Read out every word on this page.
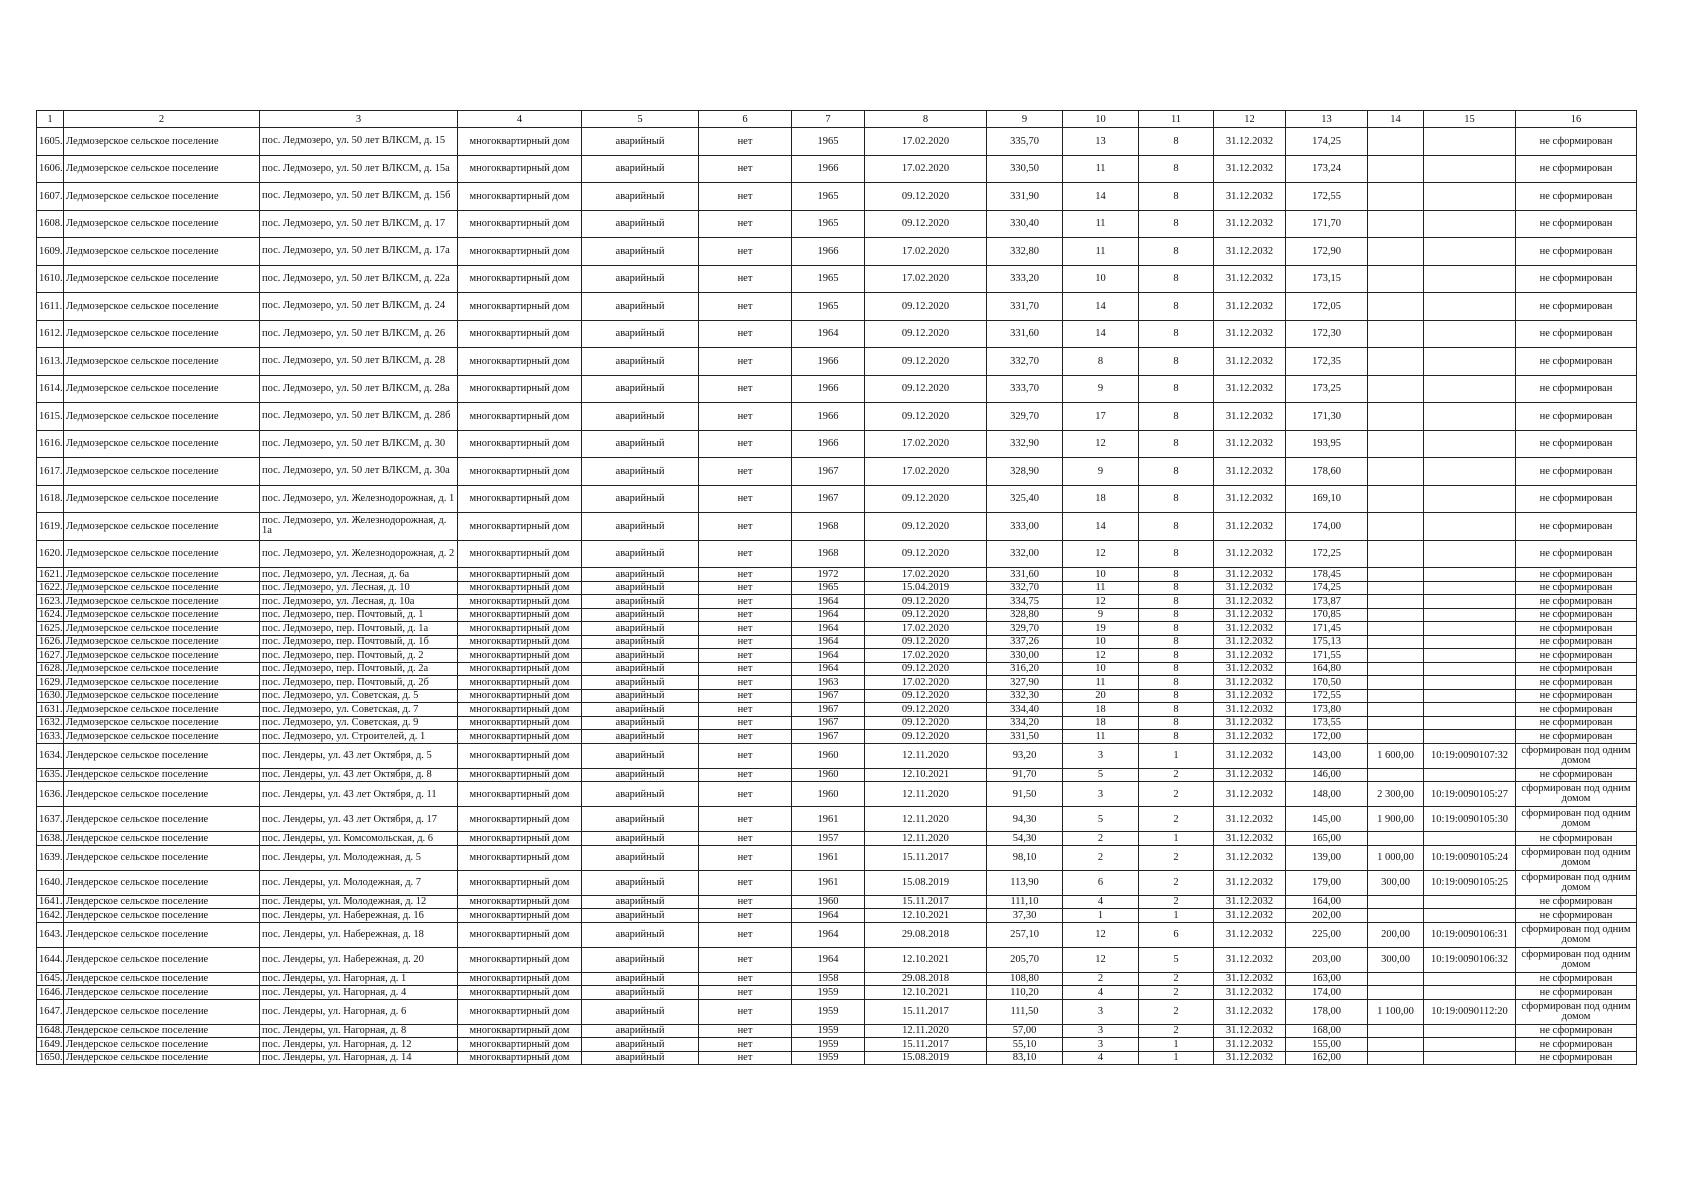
1	2	3	4	5	6	7	8	9	10	11	12	13	14	15	16
1605.	Ледмозерское сельское поселение	пос. Ледмозеро, ул. 50 лет ВЛКСМ, д. 15	многоквартирный дом	аварийный	нет	1965	17.02.2020	335,70	13	8	31.12.2032	174,25			не сформирован
1606.	Ледмозерское сельское поселение	пос. Ледмозеро, ул. 50 лет ВЛКСМ, д. 15а	многоквартирный дом	аварийный	нет	1966	17.02.2020	330,50	11	8	31.12.2032	173,24			не сформирован
1607.	Ледмозерское сельское поселение	пос. Ледмозеро, ул. 50 лет ВЛКСМ, д. 15б	многоквартирный дом	аварийный	нет	1965	09.12.2020	331,90	14	8	31.12.2032	172,55			не сформирован
1608.	Ледмозерское сельское поселение	пос. Ледмозеро, ул. 50 лет ВЛКСМ, д. 17	многоквартирный дом	аварийный	нет	1965	09.12.2020	330,40	11	8	31.12.2032	171,70			не сформирован
1609.	Ледмозерское сельское поселение	пос. Ледмозеро, ул. 50 лет ВЛКСМ, д. 17а	многоквартирный дом	аварийный	нет	1966	17.02.2020	332,80	11	8	31.12.2032	172,90			не сформирован
1610.	Ледмозерское сельское поселение	пос. Ледмозеро, ул. 50 лет ВЛКСМ, д. 22а	многоквартирный дом	аварийный	нет	1965	17.02.2020	333,20	10	8	31.12.2032	173,15			не сформирован
1611.	Ледмозерское сельское поселение	пос. Ледмозеро, ул. 50 лет ВЛКСМ, д. 24	многоквартирный дом	аварийный	нет	1965	09.12.2020	331,70	14	8	31.12.2032	172,05			не сформирован
1612.	Ледмозерское сельское поселение	пос. Ледмозеро, ул. 50 лет ВЛКСМ, д. 26	многоквартирный дом	аварийный	нет	1964	09.12.2020	331,60	14	8	31.12.2032	172,30			не сформирован
1613.	Ледмозерское сельское поселение	пос. Ледмозеро, ул. 50 лет ВЛКСМ, д. 28	многоквартирный дом	аварийный	нет	1966	09.12.2020	332,70	8	8	31.12.2032	172,35			не сформирован
1614.	Ледмозерское сельское поселение	пос. Ледмозеро, ул. 50 лет ВЛКСМ, д. 28а	многоквартирный дом	аварийный	нет	1966	09.12.2020	333,70	9	8	31.12.2032	173,25			не сформирован
1615.	Ледмозерское сельское поселение	пос. Ледмозеро, ул. 50 лет ВЛКСМ, д. 28б	многоквартирный дом	аварийный	нет	1966	09.12.2020	329,70	17	8	31.12.2032	171,30			не сформирован
1616.	Ледмозерское сельское поселение	пос. Ледмозеро, ул. 50 лет ВЛКСМ, д. 30	многоквартирный дом	аварийный	нет	1966	17.02.2020	332,90	12	8	31.12.2032	193,95			не сформирован
1617.	Ледмозерское сельское поселение	пос. Ледмозеро, ул. 50 лет ВЛКСМ, д. 30а	многоквартирный дом	аварийный	нет	1967	17.02.2020	328,90	9	8	31.12.2032	178,60			не сформирован
1618.	Ледмозерское сельское поселение	пос. Ледмозеро, ул. Железнодорожная, д. 1	многоквартирный дом	аварийный	нет	1967	09.12.2020	325,40	18	8	31.12.2032	169,10			не сформирован
1619.	Ледмозерское сельское поселение	пос. Ледмозеро, ул. Железнодорожная, д. 1а	многоквартирный дом	аварийный	нет	1968	09.12.2020	333,00	14	8	31.12.2032	174,00			не сформирован
1620.	Ледмозерское сельское поселение	пос. Ледмозеро, ул. Железнодорожная, д. 2	многоквартирный дом	аварийный	нет	1968	09.12.2020	332,00	12	8	31.12.2032	172,25			не сформирован
1621.	Ледмозерское сельское поселение	пос. Ледмозеро, ул. Лесная, д. 6а	многоквартирный дом	аварийный	нет	1972	17.02.2020	331,60	10	8	31.12.2032	178,45			не сформирован
1622.	Ледмозерское сельское поселение	пос. Ледмозеро, ул. Лесная, д. 10	многоквартирный дом	аварийный	нет	1965	15.04.2019	332,70	11	8	31.12.2032	174,25			не сформирован
1623.	Ледмозерское сельское поселение	пос. Ледмозеро, ул. Лесная, д. 10а	многоквартирный дом	аварийный	нет	1964	09.12.2020	334,75	12	8	31.12.2032	173,87			не сформирован
1624.	Ледмозерское сельское поселение	пос. Ледмозеро, пер. Почтовый, д. 1	многоквартирный дом	аварийный	нет	1964	09.12.2020	328,80	9	8	31.12.2032	170,85			не сформирован
1625.	Ледмозерское сельское поселение	пос. Ледмозеро, пер. Почтовый, д. 1а	многоквартирный дом	аварийный	нет	1964	17.02.2020	329,70	19	8	31.12.2032	171,45			не сформирован
1626.	Ледмозерское сельское поселение	пос. Ледмозеро, пер. Почтовый, д. 1б	многоквартирный дом	аварийный	нет	1964	09.12.2020	337,26	10	8	31.12.2032	175,13			не сформирован
1627.	Ледмозерское сельское поселение	пос. Ледмозеро, пер. Почтовый, д. 2	многоквартирный дом	аварийный	нет	1964	17.02.2020	330,00	12	8	31.12.2032	171,55			не сформирован
1628.	Ледмозерское сельское поселение	пос. Ледмозеро, пер. Почтовый, д. 2а	многоквартирный дом	аварийный	нет	1964	09.12.2020	316,20	10	8	31.12.2032	164,80			не сформирован
1629.	Ледмозерское сельское поселение	пос. Ледмозеро, пер. Почтовый, д. 2б	многоквартирный дом	аварийный	нет	1963	17.02.2020	327,90	11	8	31.12.2032	170,50			не сформирован
1630.	Ледмозерское сельское поселение	пос. Ледмозеро, ул. Советская, д. 5	многоквартирный дом	аварийный	нет	1967	09.12.2020	332,30	20	8	31.12.2032	172,55			не сформирован
1631.	Ледмозерское сельское поселение	пос. Ледмозеро, ул. Советская, д. 7	многоквартирный дом	аварийный	нет	1967	09.12.2020	334,40	18	8	31.12.2032	173,80			не сформирован
1632.	Ледмозерское сельское поселение	пос. Ледмозеро, ул. Советская, д. 9	многоквартирный дом	аварийный	нет	1967	09.12.2020	334,20	18	8	31.12.2032	173,55			не сформирован
1633.	Ледмозерское сельское поселение	пос. Ледмозеро, ул. Строителей, д. 1	многоквартирный дом	аварийный	нет	1967	09.12.2020	331,50	11	8	31.12.2032	172,00			не сформирован
1634.	Лендерское сельское поселение	пос. Лендеры, ул. 43 лет Октября, д. 5	многоквартирный дом	аварийный	нет	1960	12.11.2020	93,20	3	1	31.12.2032	143,00	1 600,00	10:19:0090107:32	сформирован под одним домом
1635.	Лендерское сельское поселение	пос. Лендеры, ул. 43 лет Октября, д. 8	многоквартирный дом	аварийный	нет	1960	12.10.2021	91,70	5	2	31.12.2032	146,00			не сформирован
1636.	Лендерское сельское поселение	пос. Лендеры, ул. 43 лет Октября, д. 11	многоквартирный дом	аварийный	нет	1960	12.11.2020	91,50	3	2	31.12.2032	148,00	2 300,00	10:19:0090105:27	сформирован под одним домом
1637.	Лендерское сельское поселение	пос. Лендеры, ул. 43 лет Октября, д. 17	многоквартирный дом	аварийный	нет	1961	12.11.2020	94,30	5	2	31.12.2032	145,00	1 900,00	10:19:0090105:30	сформирован под одним домом
1638.	Лендерское сельское поселение	пос. Лендеры, ул. Комсомольская, д. 6	многоквартирный дом	аварийный	нет	1957	12.11.2020	54,30	2	1	31.12.2032	165,00			не сформирован
1639.	Лендерское сельское поселение	пос. Лендеры, ул. Молодежная, д. 5	многоквартирный дом	аварийный	нет	1961	15.11.2017	98,10	2	2	31.12.2032	139,00	1 000,00	10:19:0090105:24	сформирован под одним домом
1640.	Лендерское сельское поселение	пос. Лендеры, ул. Молодежная, д. 7	многоквартирный дом	аварийный	нет	1961	15.08.2019	113,90	6	2	31.12.2032	179,00	300,00	10:19:0090105:25	сформирован под одним домом
1641.	Лендерское сельское поселение	пос. Лендеры, ул. Молодежная, д. 12	многоквартирный дом	аварийный	нет	1960	15.11.2017	111,10	4	2	31.12.2032	164,00			не сформирован
1642.	Лендерское сельское поселение	пос. Лендеры, ул. Набережная, д. 16	многоквартирный дом	аварийный	нет	1964	12.10.2021	37,30	1	1	31.12.2032	202,00			не сформирован
1643.	Лендерское сельское поселение	пос. Лендеры, ул. Набережная, д. 18	многоквартирный дом	аварийный	нет	1964	29.08.2018	257,10	12	6	31.12.2032	225,00	200,00	10:19:0090106:31	сформирован под одним домом
1644.	Лендерское сельское поселение	пос. Лендеры, ул. Набережная, д. 20	многоквартирный дом	аварийный	нет	1964	12.10.2021	205,70	12	5	31.12.2032	203,00	300,00	10:19:0090106:32	сформирован под одним домом
1645.	Лендерское сельское поселение	пос. Лендеры, ул. Нагорная, д. 1	многоквартирный дом	аварийный	нет	1958	29.08.2018	108,80	2	2	31.12.2032	163,00			не сформирован
1646.	Лендерское сельское поселение	пос. Лендеры, ул. Нагорная, д. 4	многоквартирный дом	аварийный	нет	1959	12.10.2021	110,20	4	2	31.12.2032	174,00			не сформирован
1647.	Лендерское сельское поселение	пос. Лендеры, ул. Нагорная, д. 6	многоквартирный дом	аварийный	нет	1959	15.11.2017	111,50	3	2	31.12.2032	178,00	1 100,00	10:19:0090112:20	сформирован под одним домом
1648.	Лендерское сельское поселение	пос. Лендеры, ул. Нагорная, д. 8	многоквартирный дом	аварийный	нет	1959	12.11.2020	57,00	3	2	31.12.2032	168,00			не сформирован
1649.	Лендерское сельское поселение	пос. Лендеры, ул. Нагорная, д. 12	многоквартирный дом	аварийный	нет	1959	15.11.2017	55,10	3	1	31.12.2032	155,00			не сформирован
1650.	Лендерское сельское поселение	пос. Лендеры, ул. Нагорная, д. 14	многоквартирный дом	аварийный	нет	1959	15.08.2019	83,10	4	1	31.12.2032	162,00			не сформирован
